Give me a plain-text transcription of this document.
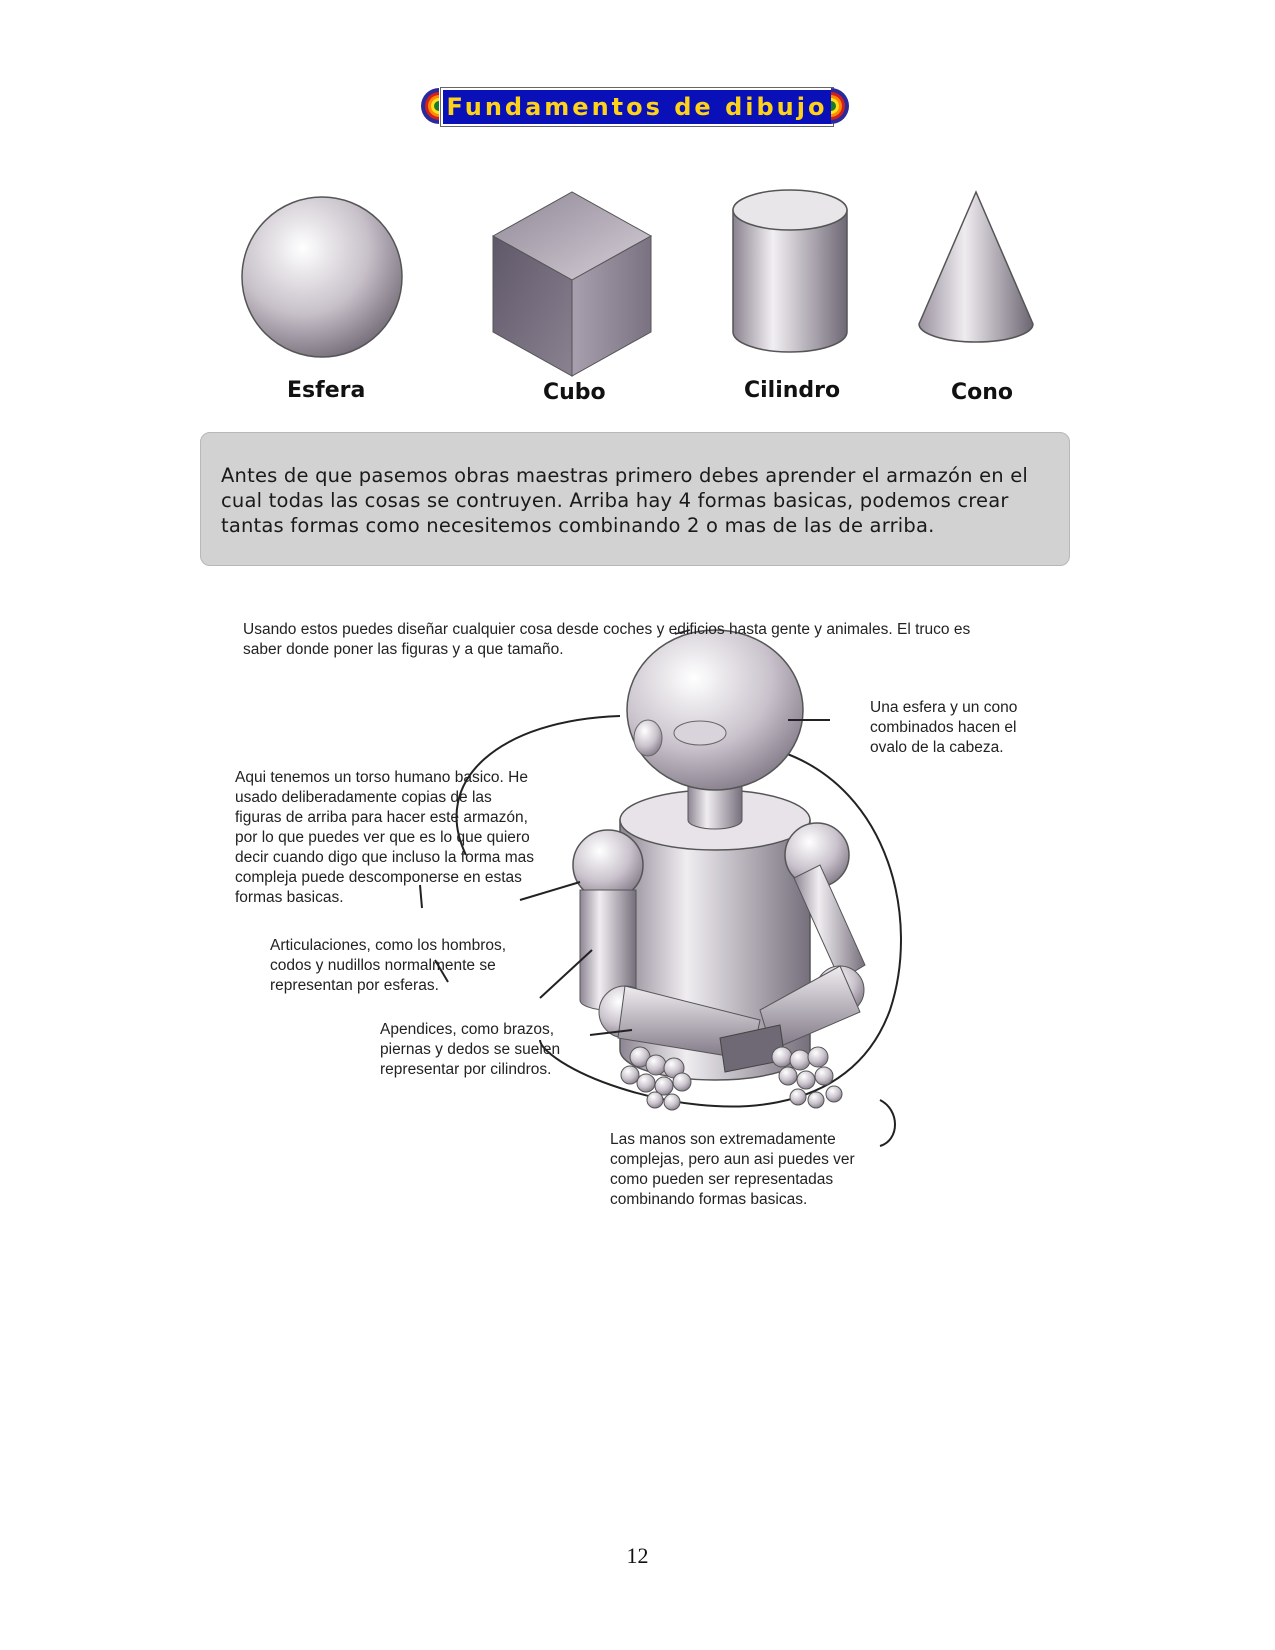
Fundamentos de dibujo
Esfera	Cubo	Cilindro	Cono

Antes de que pasemos obras maestras primero debes aprender el armazón en el cual todas las cosas se contruyen. Arriba hay 4 formas basicas, podemos crear tantas formas como necesitemos combinando 2 o mas de las de arriba.

Usando estos puedes diseñar cualquier cosa desde coches y edificios hasta gente y animales. El truco es saber donde poner las figuras y a que tamaño.

Una esfera y un cono combinados hacen el ovalo de la cabeza.

Aqui tenemos un torso humano basico. He usado deliberadamente copias de las figuras de arriba para hacer este armazón, por lo que puedes ver que es lo que quiero decir cuando digo que incluso la forma mas compleja puede descomponerse en estas formas basicas.

Articulaciones, como los hombros, codos y nudillos normalmente se representan por esferas.

Apendices, como brazos, piernas y dedos se suelen representar por cilindros.

Las manos son extremadamente complejas, pero aun asi puedes ver como pueden ser representadas combinando formas basicas.

12
